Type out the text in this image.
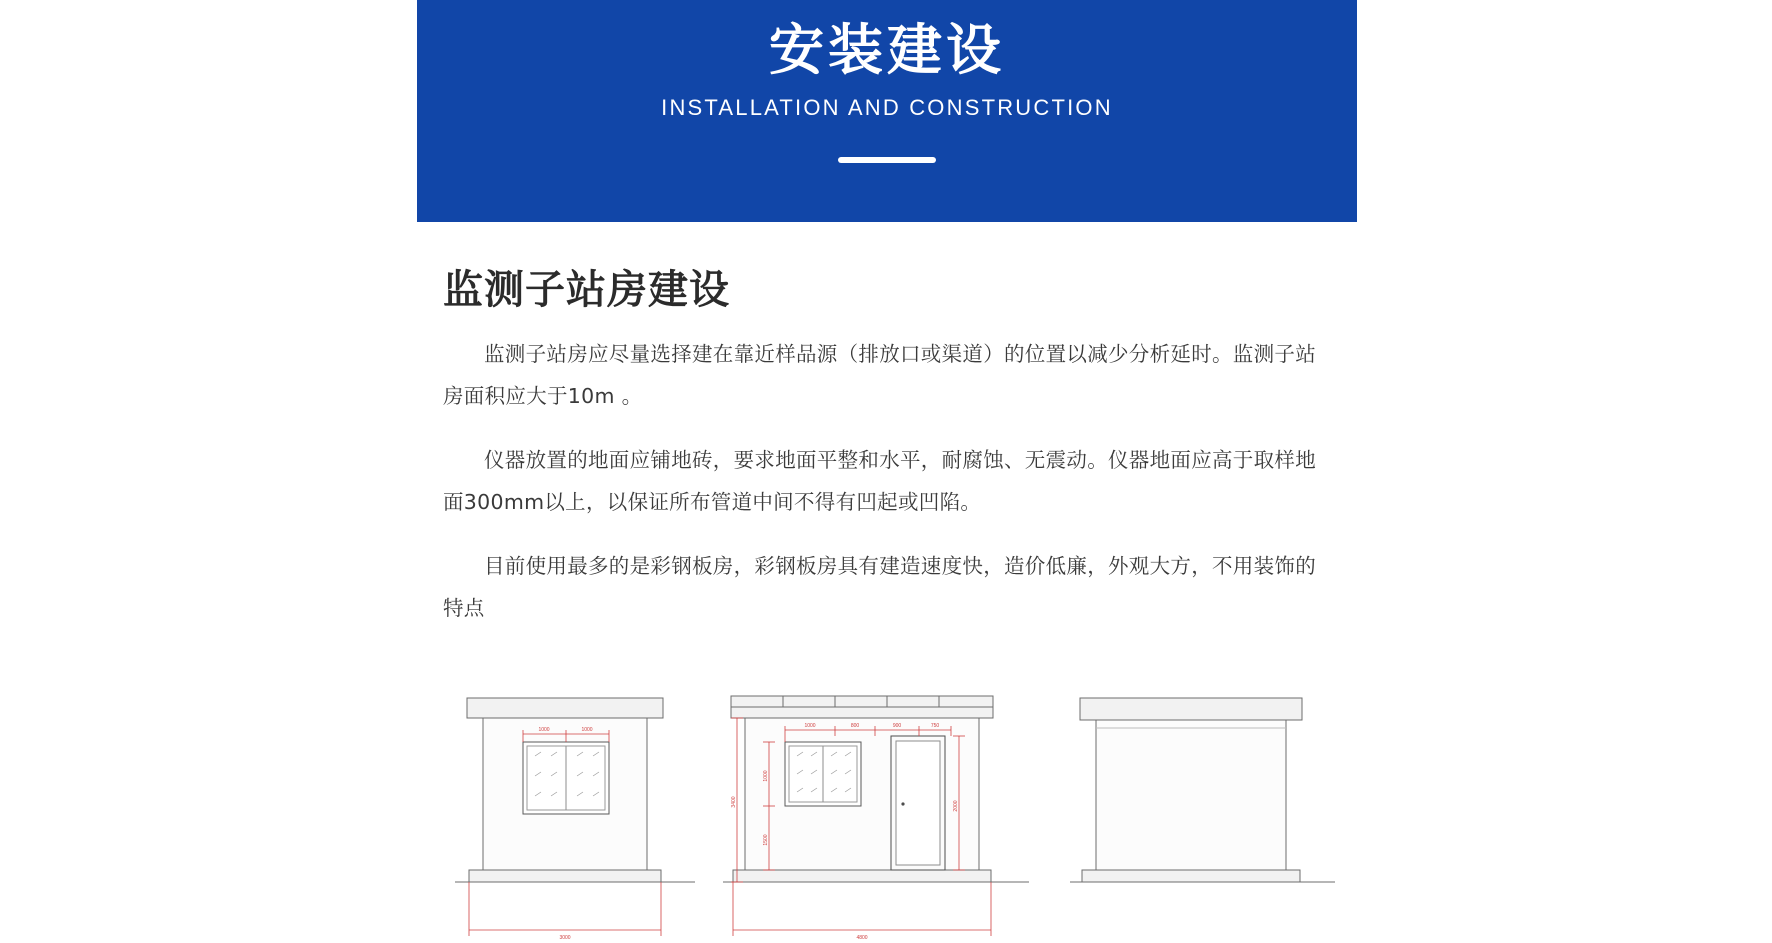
安装建设
INSTALLATION AND CONSTRUCTION
监测子站房建设

监测子站房应尽量选择建在靠近样品源（排放口或渠道）的位置以减少分析延时。监测子站房面积应大于10m 。

仪器放置的地面应铺地砖，要求地面平整和水平，耐腐蚀、无震动。仪器地面应高于取样地面300mm以上，以保证所布管道中间不得有凹起或凹陷。

目前使用最多的是彩钢板房，彩钢板房具有建造速度快，造价低廉，外观大方，不用装饰的特点

1000	1000
3000
1000	800	900	750
1000
1500
2000
3400
4800
